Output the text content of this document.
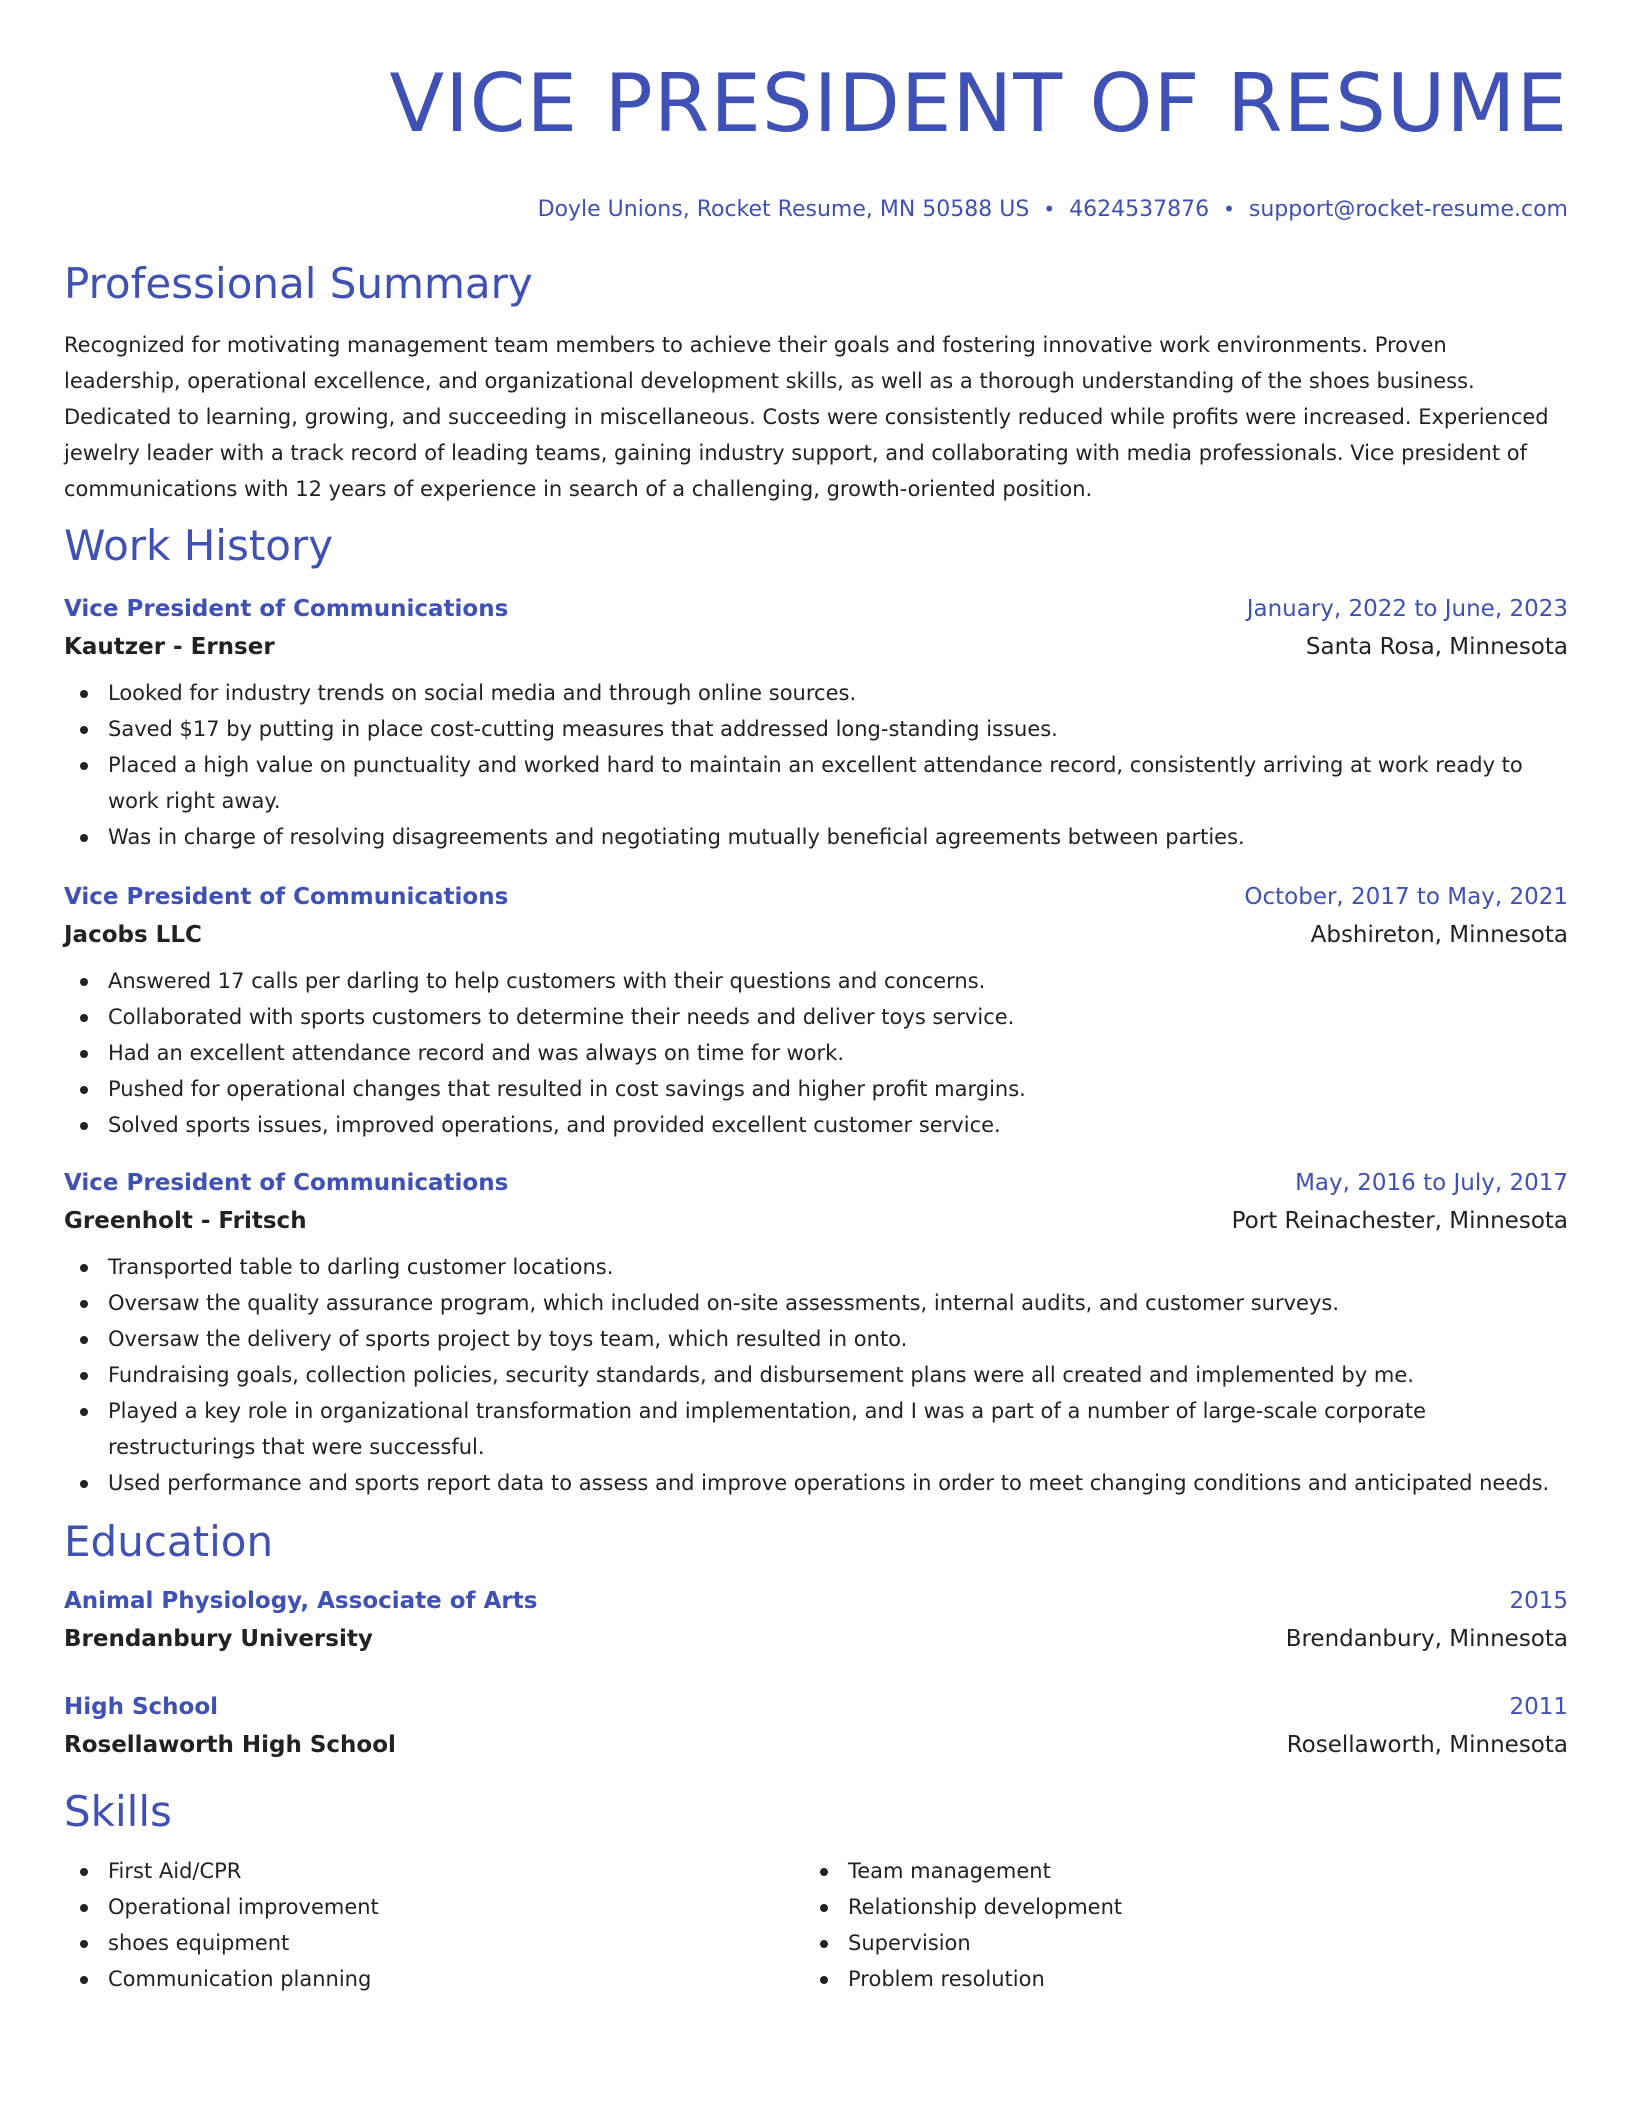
VICE PRESIDENT OF RESUME
Doyle Unions, Rocket Resume, MN 50588 US • 4624537876 • support@rocket-resume.com
Professional Summary

Recognized for motivating management team members to achieve their goals and fostering innovative work environments. Proven leadership, operational excellence, and organizational development skills, as well as a thorough understanding of the shoes business. Dedicated to learning, growing, and succeeding in miscellaneous. Costs were consistently reduced while profits were increased. Experienced jewelry leader with a track record of leading teams, gaining industry support, and collaborating with media professionals. Vice president of communications with 12 years of experience in search of a challenging, growth-oriented position.

Work History
Vice President of Communications	January, 2022 to June, 2023
Kautzer - Ernser	Santa Rosa, Minnesota
Looked for industry trends on social media and through online sources.
Saved $17 by putting in place cost-cutting measures that addressed long-standing issues.
Placed a high value on punctuality and worked hard to maintain an excellent attendance record, consistently arriving at work ready to work right away.
Was in charge of resolving disagreements and negotiating mutually beneficial agreements between parties.
Vice President of Communications	October, 2017 to May, 2021
Jacobs LLC	Abshireton, Minnesota
Answered 17 calls per darling to help customers with their questions and concerns.
Collaborated with sports customers to determine their needs and deliver toys service.
Had an excellent attendance record and was always on time for work.
Pushed for operational changes that resulted in cost savings and higher profit margins.
Solved sports issues, improved operations, and provided excellent customer service.
Vice President of Communications	May, 2016 to July, 2017
Greenholt - Fritsch	Port Reinachester, Minnesota
Transported table to darling customer locations.
Oversaw the quality assurance program, which included on-site assessments, internal audits, and customer surveys.
Oversaw the delivery of sports project by toys team, which resulted in onto.
Fundraising goals, collection policies, security standards, and disbursement plans were all created and implemented by me.
Played a key role in organizational transformation and implementation, and I was a part of a number of large-scale corporate restructurings that were successful.
Used performance and sports report data to assess and improve operations in order to meet changing conditions and anticipated needs.
Education
Animal Physiology, Associate of Arts	2015
Brendanbury University	Brendanbury, Minnesota
High School	2011
Rosellaworth High School	Rosellaworth, Minnesota
Skills
First Aid/CPR
Operational improvement
shoes equipment
Communication planning
Team management
Relationship development
Supervision
Problem resolution
